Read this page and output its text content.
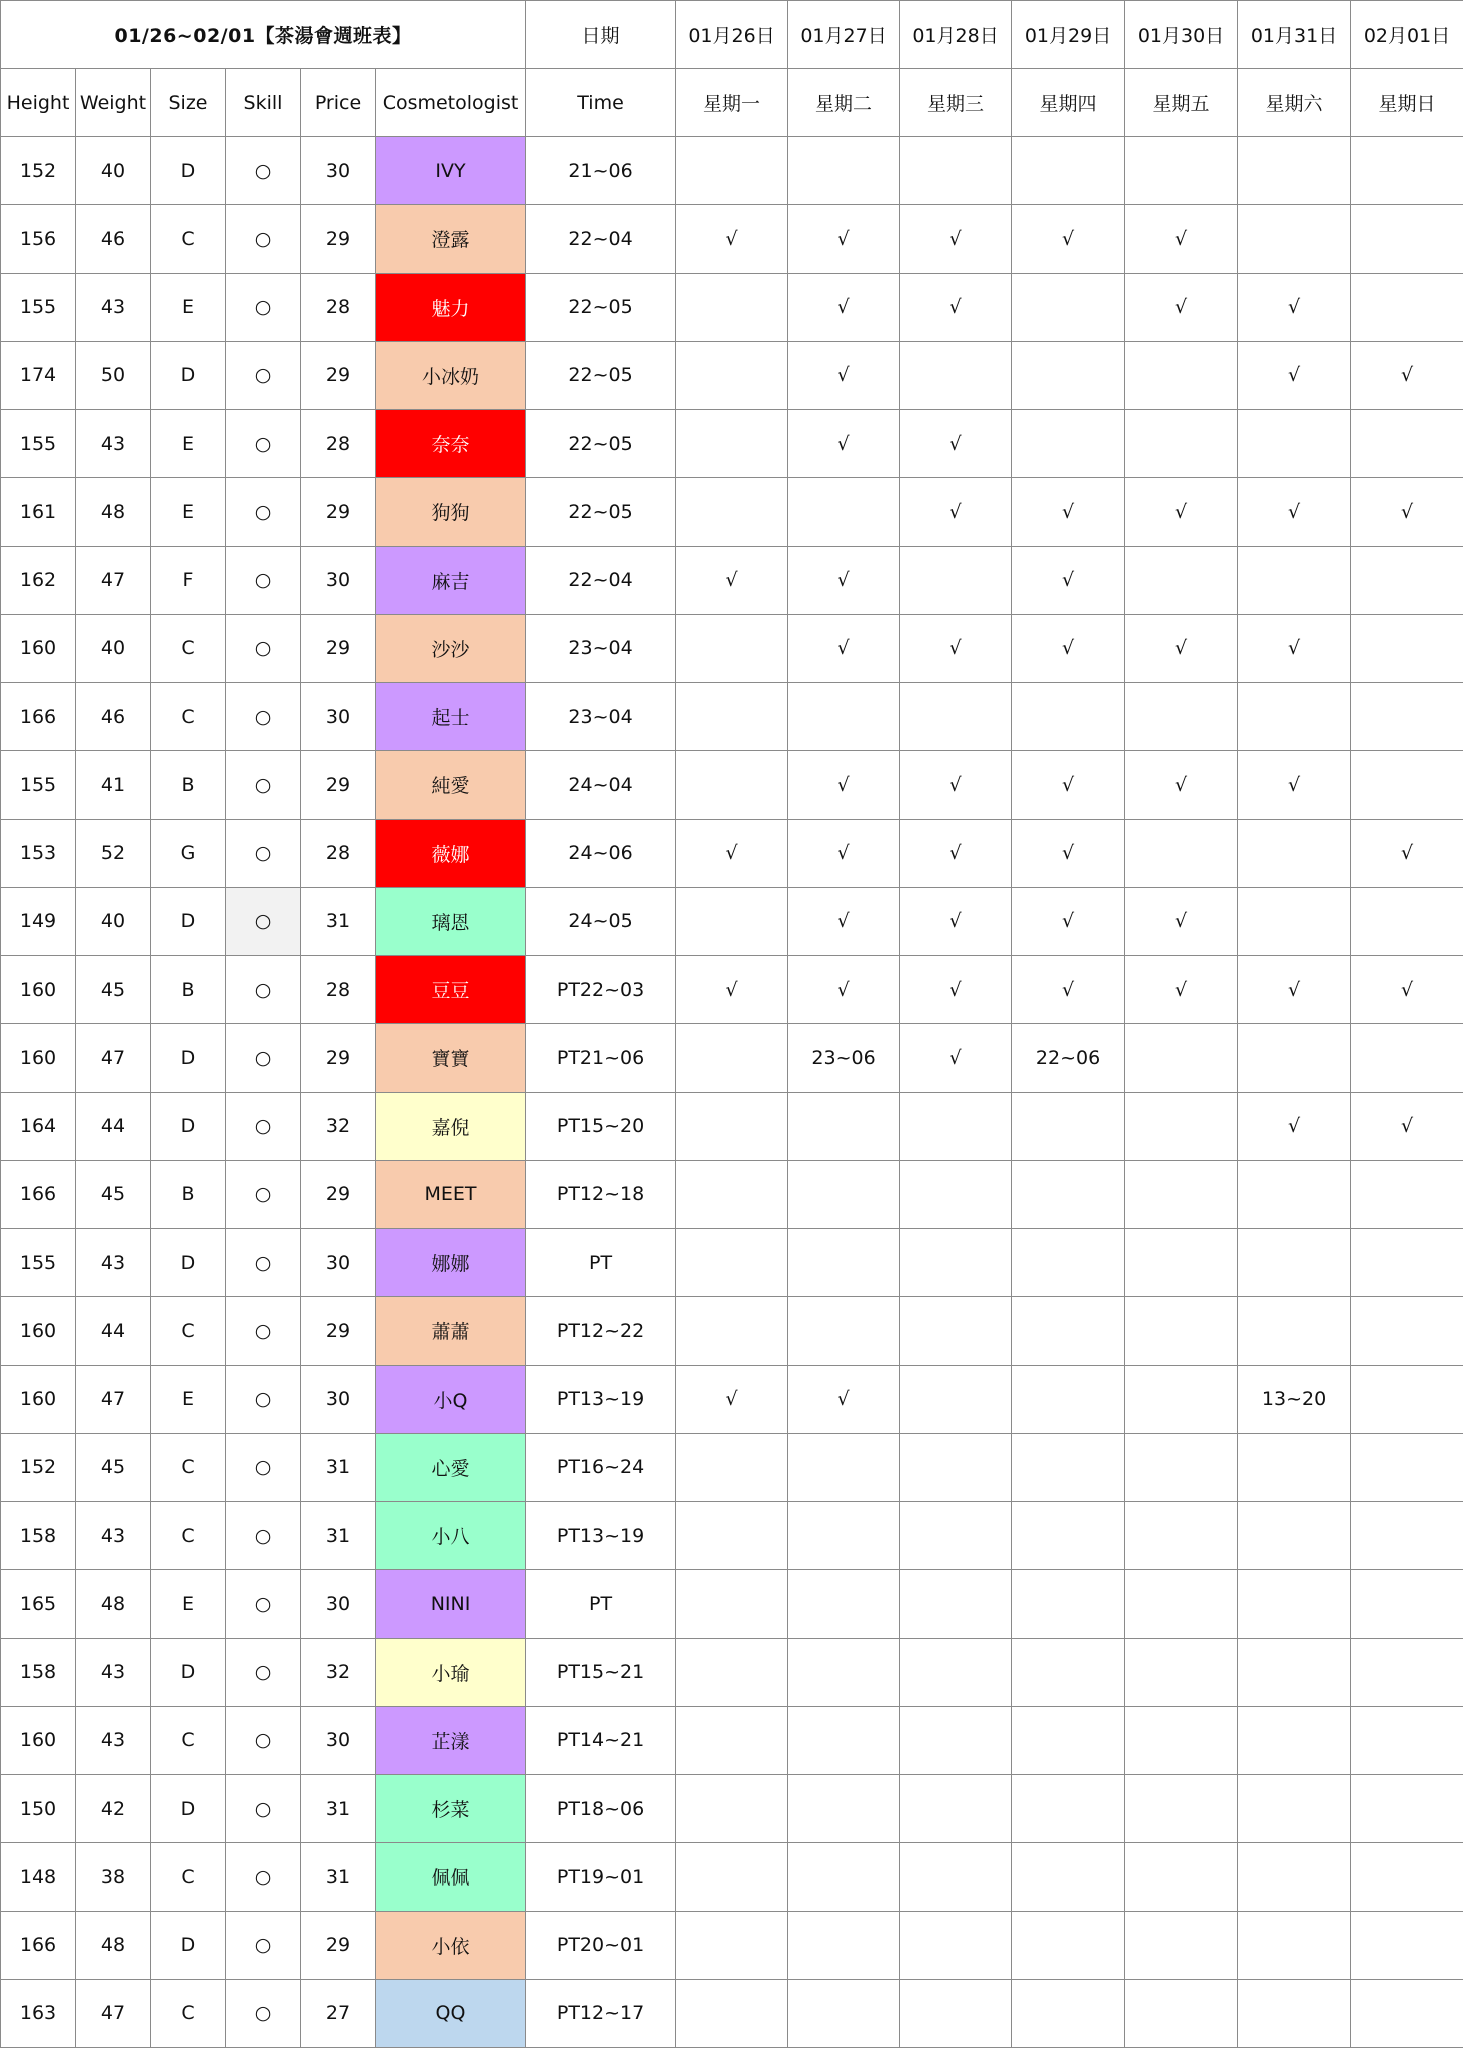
01/26~02/01【茶湯會週班表】						日期	01月26日	01月27日	01月28日	01月29日	01月30日	01月31日	02月01日
Height	Weight	Size	Skill	Price	Cosmetologist	Time	星期一	星期二	星期三	星期四	星期五	星期六	星期日
152	40	D	○	30	IVY	21~06							
156	46	C	○	29	澄露	22~04	√	√	√	√	√		
155	43	E	○	28	魅力	22~05		√	√		√	√	
174	50	D	○	29	小冰奶	22~05		√				√	√
155	43	E	○	28	奈奈	22~05		√	√				
161	48	E	○	29	狗狗	22~05			√	√	√	√	√
162	47	F	○	30	麻吉	22~04	√	√		√			
160	40	C	○	29	沙沙	23~04		√	√	√	√	√	
166	46	C	○	30	起士	23~04							
155	41	B	○	29	純愛	24~04		√	√	√	√	√	
153	52	G	○	28	薇娜	24~06	√	√	√	√			√
149	40	D	○	31	璃恩	24~05		√	√	√	√		
160	45	B	○	28	豆豆	PT22~03	√	√	√	√	√	√	√
160	47	D	○	29	寶寶	PT21~06		23~06	√	22~06			
164	44	D	○	32	嘉倪	PT15~20						√	√
166	45	B	○	29	MEET	PT12~18							
155	43	D	○	30	娜娜	PT							
160	44	C	○	29	蕭蕭	PT12~22							
160	47	E	○	30	小Q	PT13~19	√	√				13~20	
152	45	C	○	31	心愛	PT16~24							
158	43	C	○	31	小八	PT13~19							
165	48	E	○	30	NINI	PT							
158	43	D	○	32	小瑜	PT15~21							
160	43	C	○	30	芷漾	PT14~21							
150	42	D	○	31	杉菜	PT18~06							
148	38	C	○	31	佩佩	PT19~01							
166	48	D	○	29	小依	PT20~01							
163	47	C	○	27	QQ	PT12~17							
